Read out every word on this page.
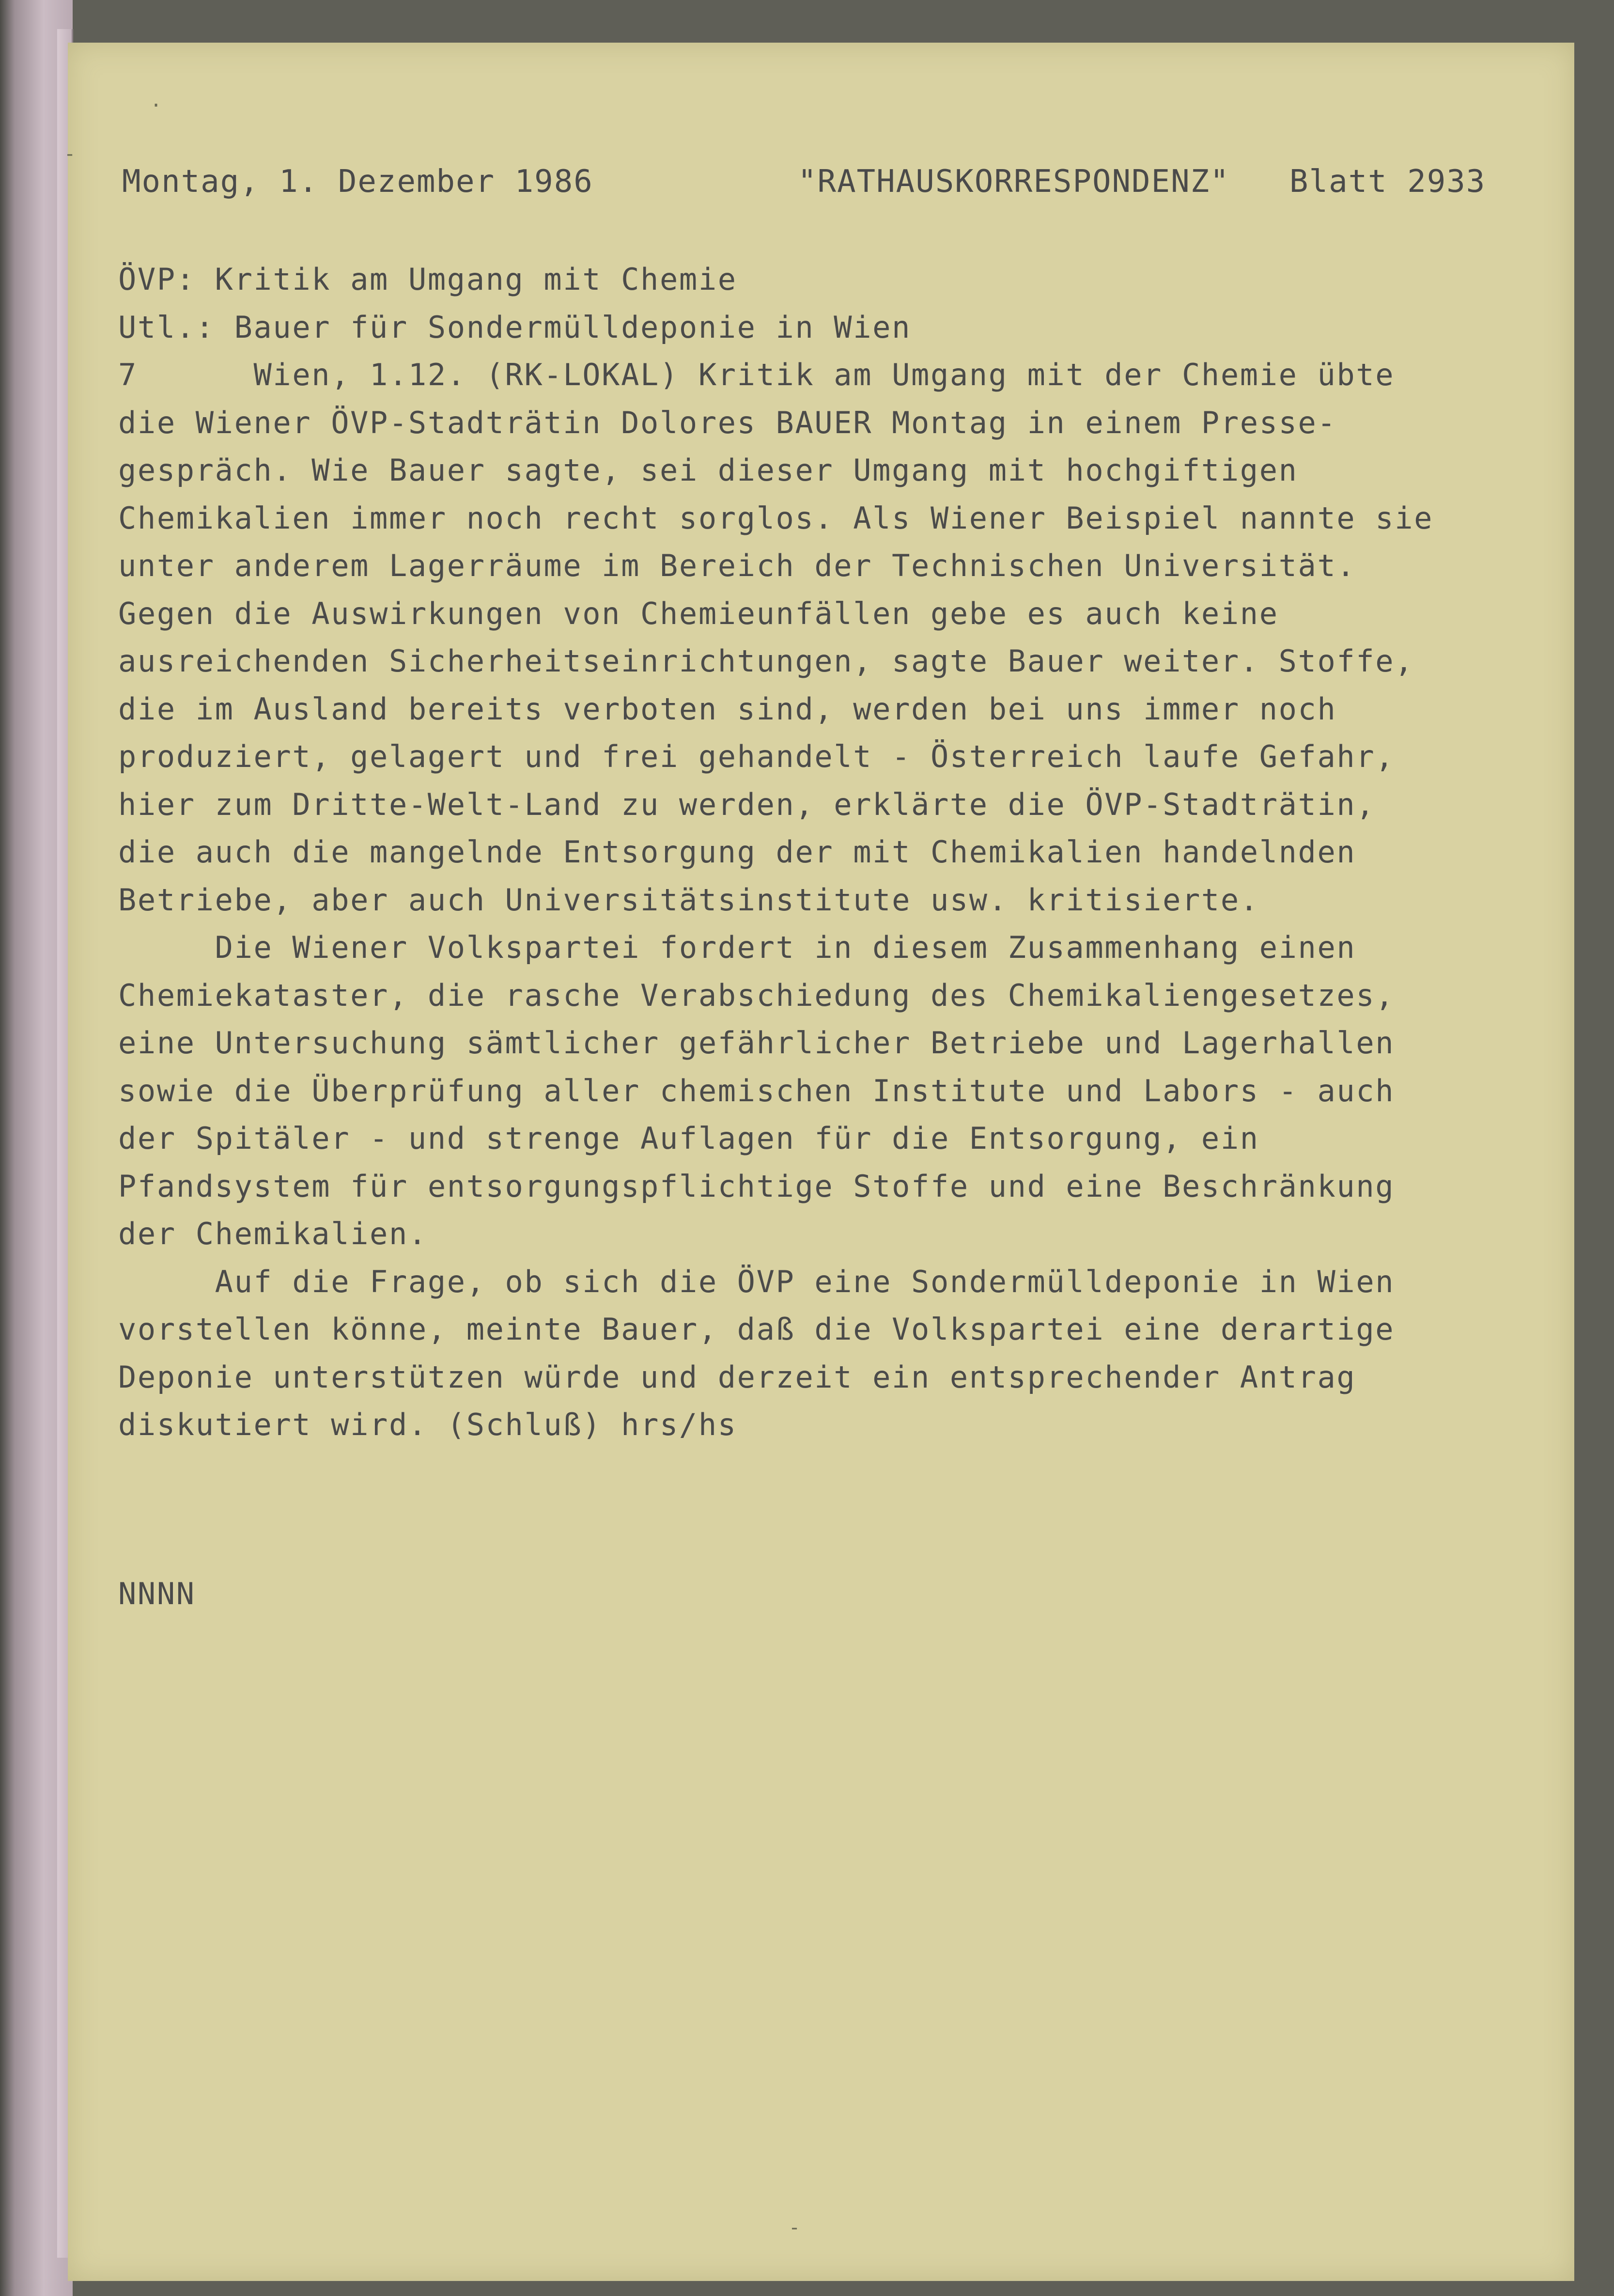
·
-
-
Montag, 1. Dezember 1986	"RATHAUSKORRESPONDENZ" Blatt 2933
ÖVP: Kritik am Umgang mit Chemie
Utl.: Bauer für Sondermülldeponie in Wien
7      Wien, 1.12. (RK-LOKAL) Kritik am Umgang mit der Chemie übte
die Wiener ÖVP-Stadträtin Dolores BAUER Montag in einem Presse-
gespräch. Wie Bauer sagte, sei dieser Umgang mit hochgiftigen
Chemikalien immer noch recht sorglos. Als Wiener Beispiel nannte sie
unter anderem Lagerräume im Bereich der Technischen Universität.
Gegen die Auswirkungen von Chemieunfällen gebe es auch keine
ausreichenden Sicherheitseinrichtungen, sagte Bauer weiter. Stoffe,
die im Ausland bereits verboten sind, werden bei uns immer noch
produziert, gelagert und frei gehandelt - Österreich laufe Gefahr,
hier zum Dritte-Welt-Land zu werden, erklärte die ÖVP-Stadträtin,
die auch die mangelnde Entsorgung der mit Chemikalien handelnden
Betriebe, aber auch Universitätsinstitute usw. kritisierte.
Die Wiener Volkspartei fordert in diesem Zusammenhang einen
Chemiekataster, die rasche Verabschiedung des Chemikaliengesetzes,
eine Untersuchung sämtlicher gefährlicher Betriebe und Lagerhallen
sowie die Überprüfung aller chemischen Institute und Labors - auch
der Spitäler - und strenge Auflagen für die Entsorgung, ein
Pfandsystem für entsorgungspflichtige Stoffe und eine Beschränkung
der Chemikalien.
Auf die Frage, ob sich die ÖVP eine Sondermülldeponie in Wien
vorstellen könne, meinte Bauer, daß die Volkspartei eine derartige
Deponie unterstützen würde und derzeit ein entsprechender Antrag
diskutiert wird. (Schluß) hrs/hs
NNNN
